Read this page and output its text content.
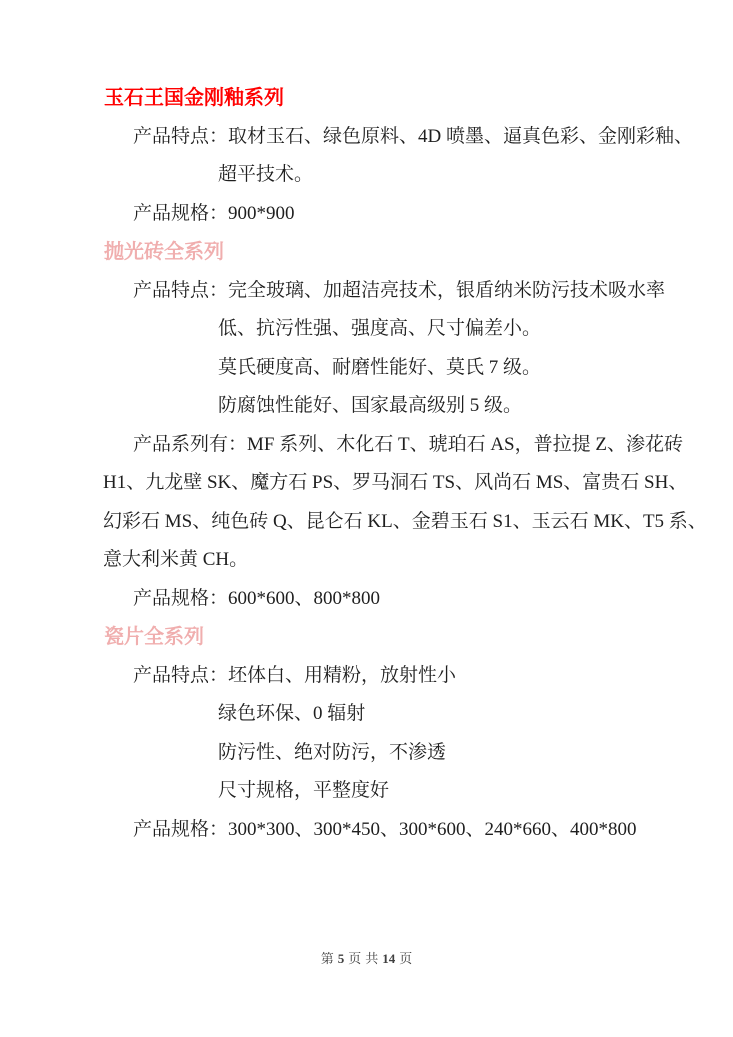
玉石王国金刚釉系列
产品特点：取材玉石、绿色原料、4D 喷墨、逼真色彩、金刚彩釉、
超平技术。
产品规格：900*900
抛光砖全系列
产品特点：完全玻璃、加超洁亮技术，银盾纳米防污技术吸水率
低、抗污性强、强度高、尺寸偏差小。
莫氏硬度高、耐磨性能好、莫氏 7 级。
防腐蚀性能好、国家最高级别 5 级。
产品系列有：MF 系列、木化石 T、琥珀石 AS，普拉提 Z、渗花砖
H1、九龙壁 SK、魔方石 PS、罗马洞石 TS、风尚石 MS、富贵石 SH、
幻彩石 MS、纯色砖 Q、昆仑石 KL、金碧玉石 S1、玉云石 MK、T5 系、
意大利米黄 CH。
产品规格：600*600、800*800
瓷片全系列
产品特点：坯体白、用精粉，放射性小
绿色环保、0 辐射
防污性、绝对防污，不渗透
尺寸规格，平整度好
产品规格：300*300、300*450、300*600、240*660、400*800
第 5 页 共 14 页
